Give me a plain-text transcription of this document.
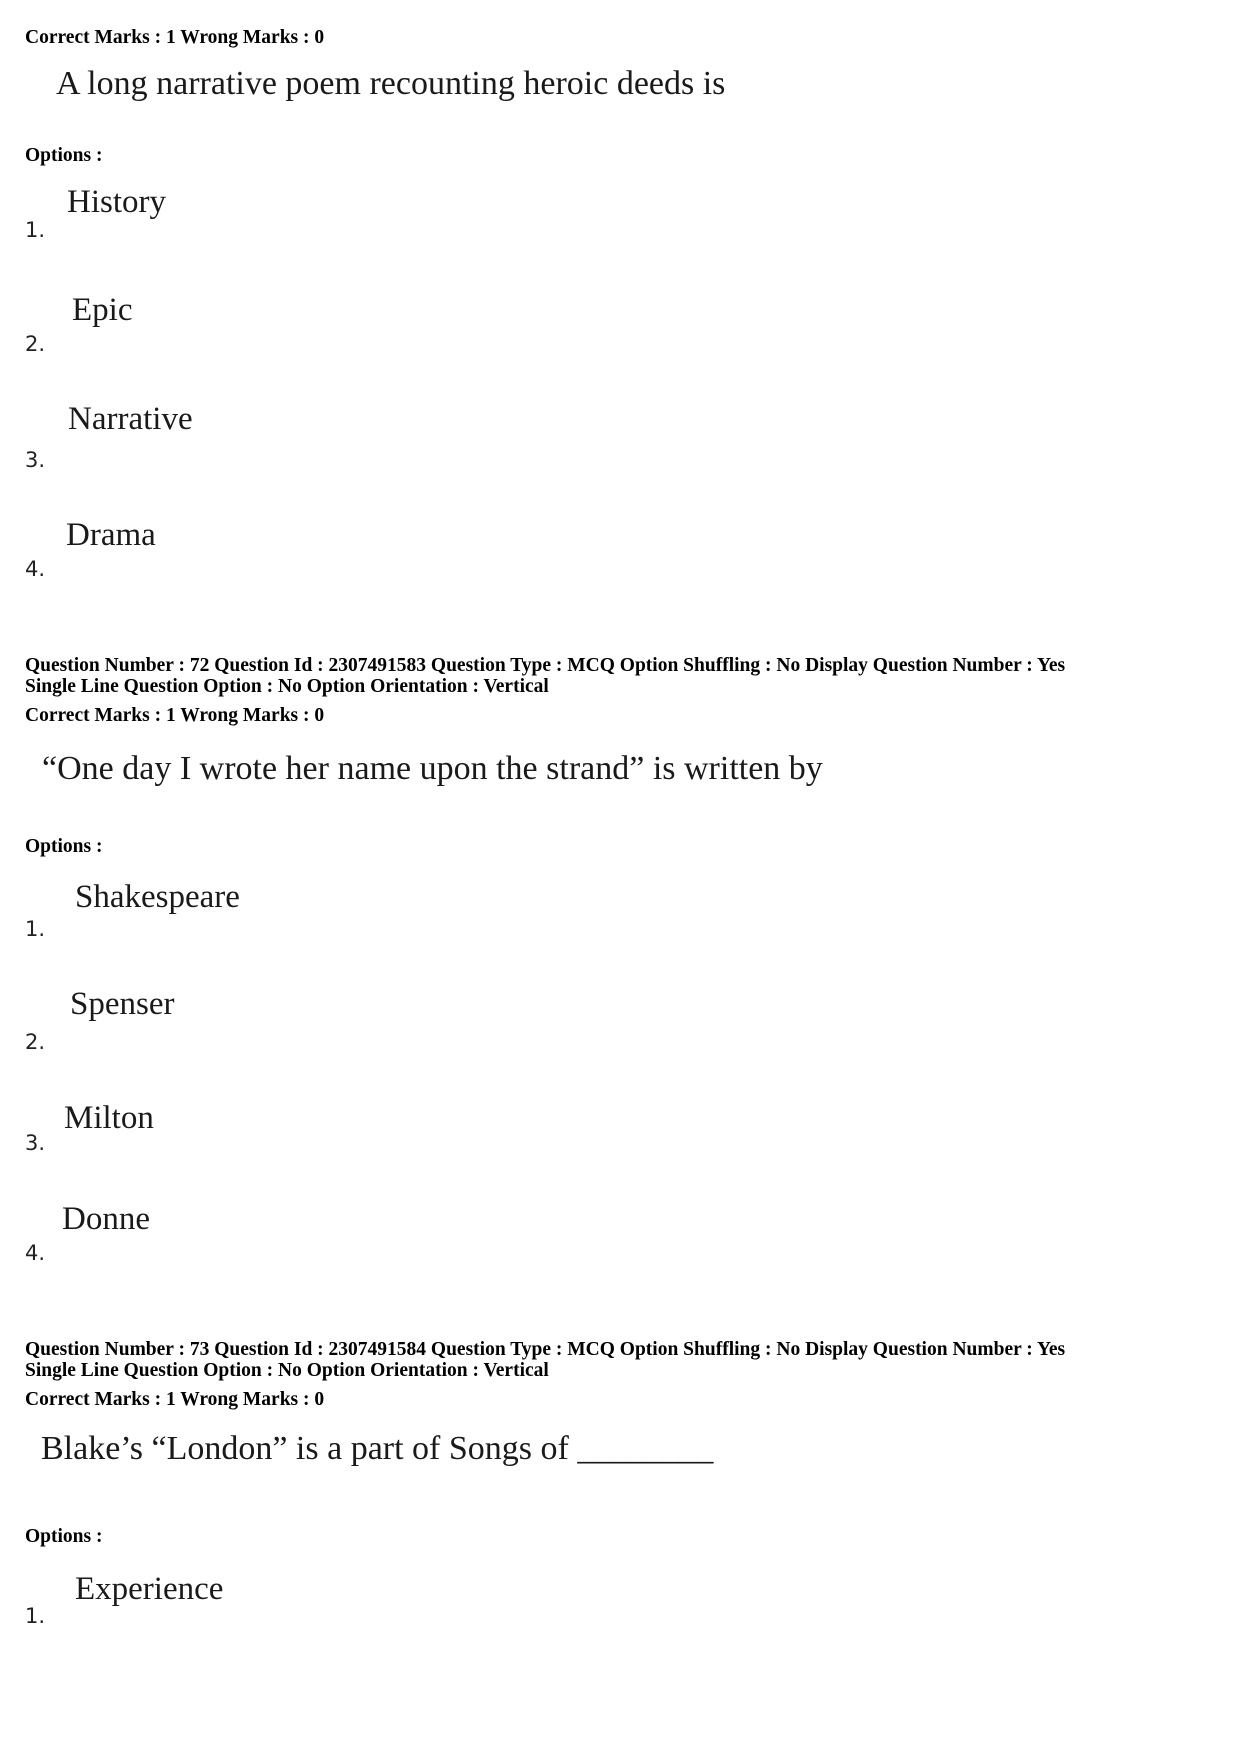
Correct Marks : 1 Wrong Marks : 0
A long narrative poem recounting heroic deeds is
Options :
History
1.
Epic
2.
Narrative
3.
Drama
4.
Question Number : 72 Question Id : 2307491583 Question Type : MCQ Option Shuffling : No Display Question Number : Yes
Single Line Question Option : No Option Orientation : Vertical
Correct Marks : 1 Wrong Marks : 0
“One day I wrote her name upon the strand” is written by
Options :
Shakespeare
1.
Spenser
2.
Milton
3.
Donne
4.
Question Number : 73 Question Id : 2307491584 Question Type : MCQ Option Shuffling : No Display Question Number : Yes
Single Line Question Option : No Option Orientation : Vertical
Correct Marks : 1 Wrong Marks : 0
Blake’s “London” is a part of Songs of ________
Options :
Experience
1.
